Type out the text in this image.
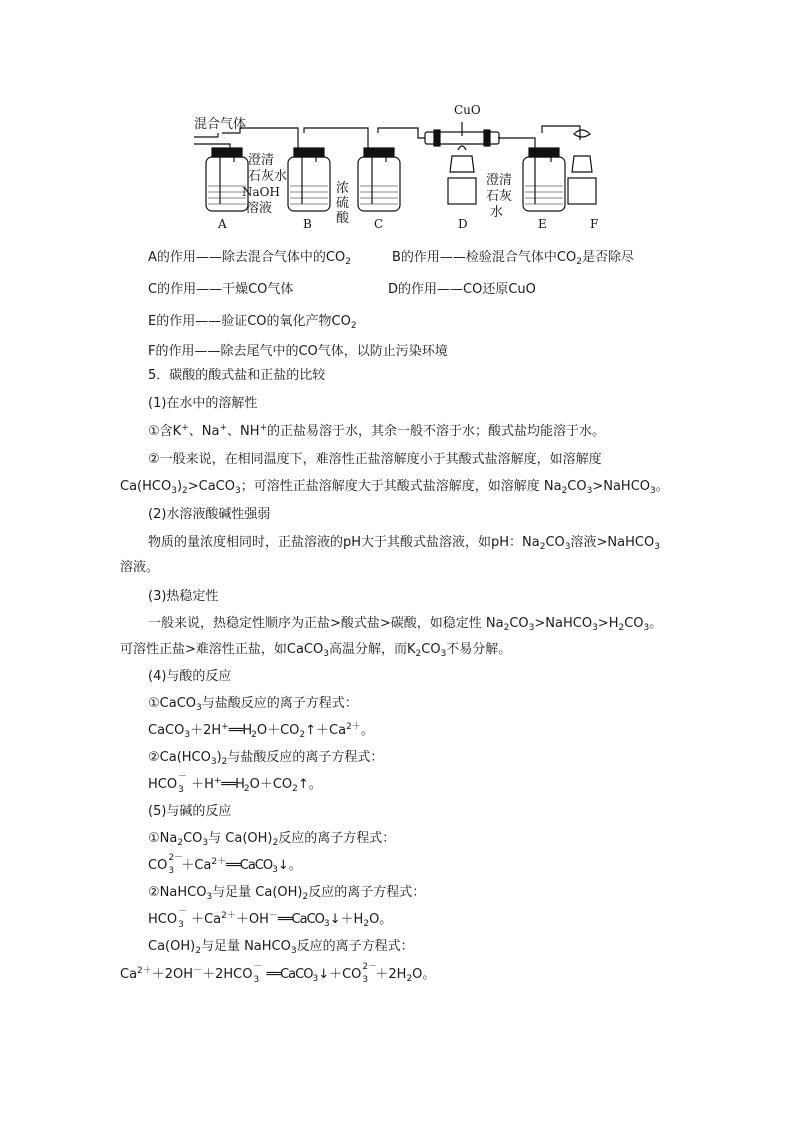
混合气体
CuO
澄清
石灰水
NaOH
溶液
浓
硫
酸
澄清
石灰
水
A	B	C	D	E	F
A的作用——除去混合气体中的$CO_2$	B的作用——检验混合气体中$CO_2$是否除尽
C的作用——干燥CO气体	D的作用——CO还原CuO
E的作用——验证CO的氧化产物$CO_2$
F的作用——除去尾气中的CO气体，以防止污染环境
5．碳酸的酸式盐和正盐的比较
(1)在水中的溶解性
①含K+、Na+、NH+的正盐易溶于水，其余一般不溶于水；酸式盐均能溶于水。
②一般来说，在相同温度下，难溶性正盐溶解度小于其酸式盐溶解度，如溶解度
$Ca(HCO_3)_2>CaCO_3$；可溶性正盐溶解度大于其酸式盐溶解度，如溶解度 $Na_2CO_3>NaHCO_3$。
(2)水溶液酸碱性强弱
物质的量浓度相同时，正盐溶液的pH大于其酸式盐溶液，如pH：$Na_2CO_3$溶液>NaHCO$_3$
溶液。
(3)热稳定性
一般来说，热稳定性顺序为正盐>酸式盐>碳酸，如稳定性 $Na_2CO_3>NaHCO_3>H_2CO_3$。
可溶性正盐>难溶性正盐，如CaCO$_3$高温分解，而$K_2CO_3$不易分解。
(4)与酸的反应
①CaCO$_3$与盐酸反应的离子方程式：
$CaCO_3+2H^+══H_2O+CO_2↑+Ca^{2+}$。
$②Ca(HCO_3)_2$与盐酸反应的离子方程式：
HCO －
$3 +H^+══H_2O+CO_2↑$。
(5)与碱的反应
$①Na_2CO_3$与 $Ca(OH)_2$反应的离子方程式：
CO 2－
$3 +Ca^{2+}══CaCO_3↓$。
②NaHCO$_3$与足量 $Ca(OH)_2$反应的离子方程式：
HCO －
$3 +Ca^{2+}+OH^-══CaCO_3↓+H_2O$。
$Ca(OH)_2$与足量 NaHCO$_3$反应的离子方程式：
$Ca^{2+}+2OH^-+2HCO$ －
3 ══CaCO$_3$↓＋CO 2－
$3 +2H_2O$。
